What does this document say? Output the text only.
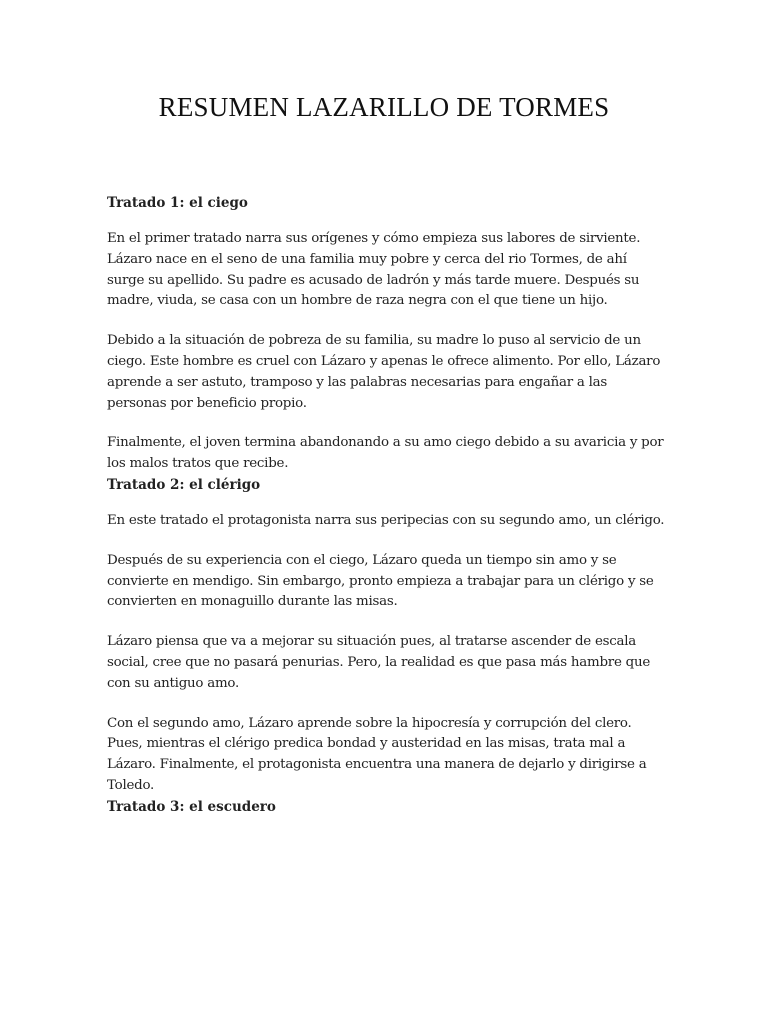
RESUMEN LAZARILLO DE TORMES

Tratado 1: el ciego

En el primer tratado narra sus orígenes y cómo empieza sus labores de sirviente. Lázaro nace en el seno de una familia muy pobre y cerca del rio Tormes, de ahí surge su apellido. Su padre es acusado de ladrón y más tarde muere. Después su madre, viuda, se casa con un hombre de raza negra con el que tiene un hijo.

Debido a la situación de pobreza de su familia, su madre lo puso al servicio de un ciego. Este hombre es cruel con Lázaro y apenas le ofrece alimento. Por ello, Lázaro aprende a ser astuto, tramposo y las palabras necesarias para engañar a las personas por beneficio propio.

Finalmente, el joven termina abandonando a su amo ciego debido a su avaricia y por los malos tratos que recibe.

Tratado 2: el clérigo

En este tratado el protagonista narra sus peripecias con su segundo amo, un clérigo.

Después de su experiencia con el ciego, Lázaro queda un tiempo sin amo y se convierte en mendigo. Sin embargo, pronto empieza a trabajar para un clérigo y se convierten en monaguillo durante las misas.

Lázaro piensa que va a mejorar su situación pues, al tratarse ascender de escala social, cree que no pasará penurias. Pero, la realidad es que pasa más hambre que con su antiguo amo.

Con el segundo amo, Lázaro aprende sobre la hipocresía y corrupción del clero. Pues, mientras el clérigo predica bondad y austeridad en las misas, trata mal a Lázaro. Finalmente, el protagonista encuentra una manera de dejarlo y dirigirse a Toledo.

Tratado 3: el escudero
